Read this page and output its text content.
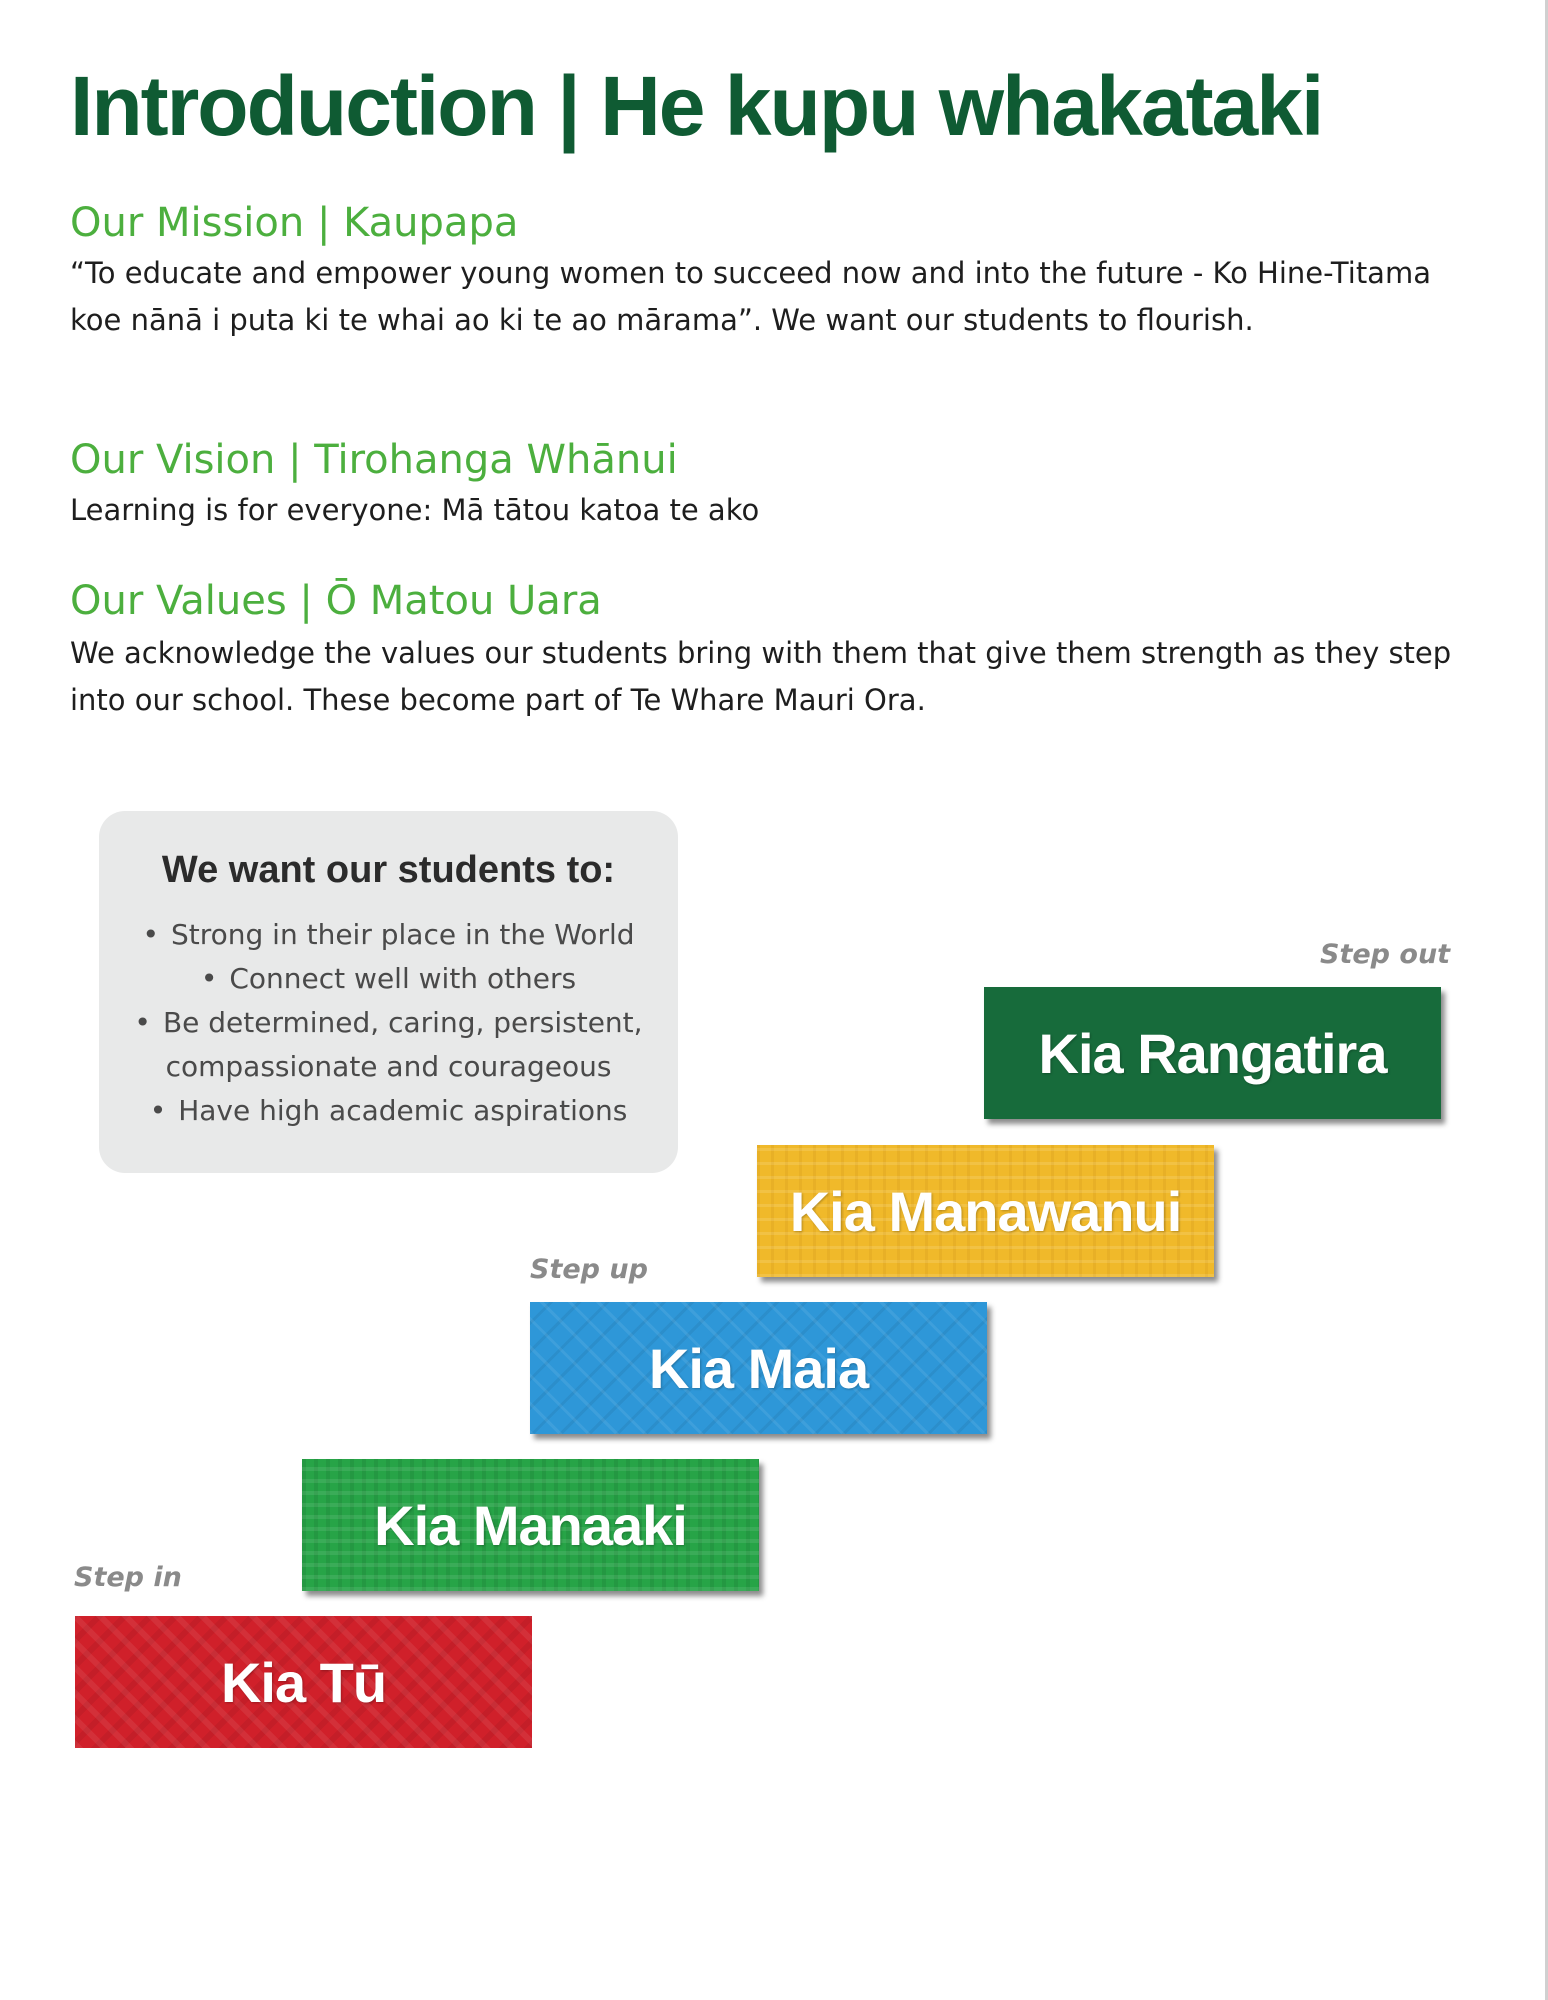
Introduction | He kupu whakataki
Our Mission | Kaupapa

“To educate and empower young women to succeed now and into the future - Ko Hine-Titama koe nānā i puta ki te whai ao ki te ao mārama”. We want our students to flourish.

Our Vision | Tirohanga Whānui

Learning is for everyone: Mā tātou katoa te ako

Our Values | Ō Matou Uara

We acknowledge the values our students bring with them that give them strength as they step into our school. These become part of Te Whare Mauri Ora.

We want our students to:
• Strong in their place in the World
• Connect well with others
• Be determined, caring, persistent,
compassionate and courageous
• Have high academic aspirations
Step out
Step up
Step in
Kia Tū
Kia Manaaki
Kia Maia
Kia Manawanui
Kia Rangatira
